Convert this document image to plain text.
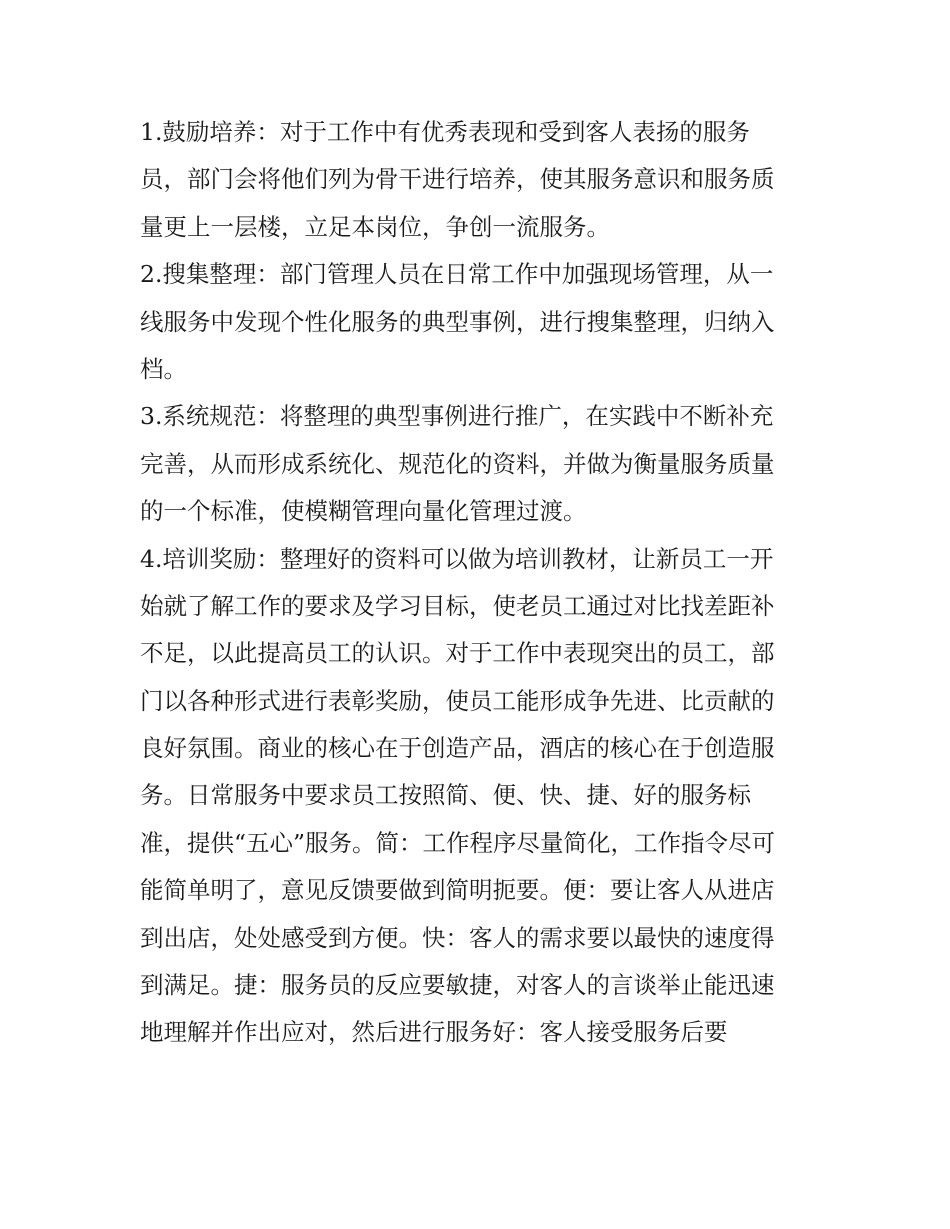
1.鼓励培养：对于工作中有优秀表现和受到客人表扬的服务
员，部门会将他们列为骨干进行培养，使其服务意识和服务质
量更上一层楼，立足本岗位，争创一流服务。
2.搜集整理：部门管理人员在日常工作中加强现场管理，从一
线服务中发现个性化服务的典型事例，进行搜集整理，归纳入
档。
3.系统规范：将整理的典型事例进行推广，在实践中不断补充
完善，从而形成系统化、规范化的资料，并做为衡量服务质量
的一个标准，使模糊管理向量化管理过渡。
4.培训奖励：整理好的资料可以做为培训教材，让新员工一开
始就了解工作的要求及学习目标，使老员工通过对比找差距补
不足，以此提高员工的认识。对于工作中表现突出的员工，部
门以各种形式进行表彰奖励，使员工能形成争先进、比贡献的
良好氛围。商业的核心在于创造产品，酒店的核心在于创造服
务。日常服务中要求员工按照简、便、快、捷、好的服务标
准，提供“五心”服务。简：工作程序尽量简化，工作指令尽可
能简单明了，意见反馈要做到简明扼要。便：要让客人从进店
到出店，处处感受到方便。快：客人的需求要以最快的速度得
到满足。捷：服务员的反应要敏捷，对客人的言谈举止能迅速
地理解并作出应对，然后进行服务好：客人接受服务后要
